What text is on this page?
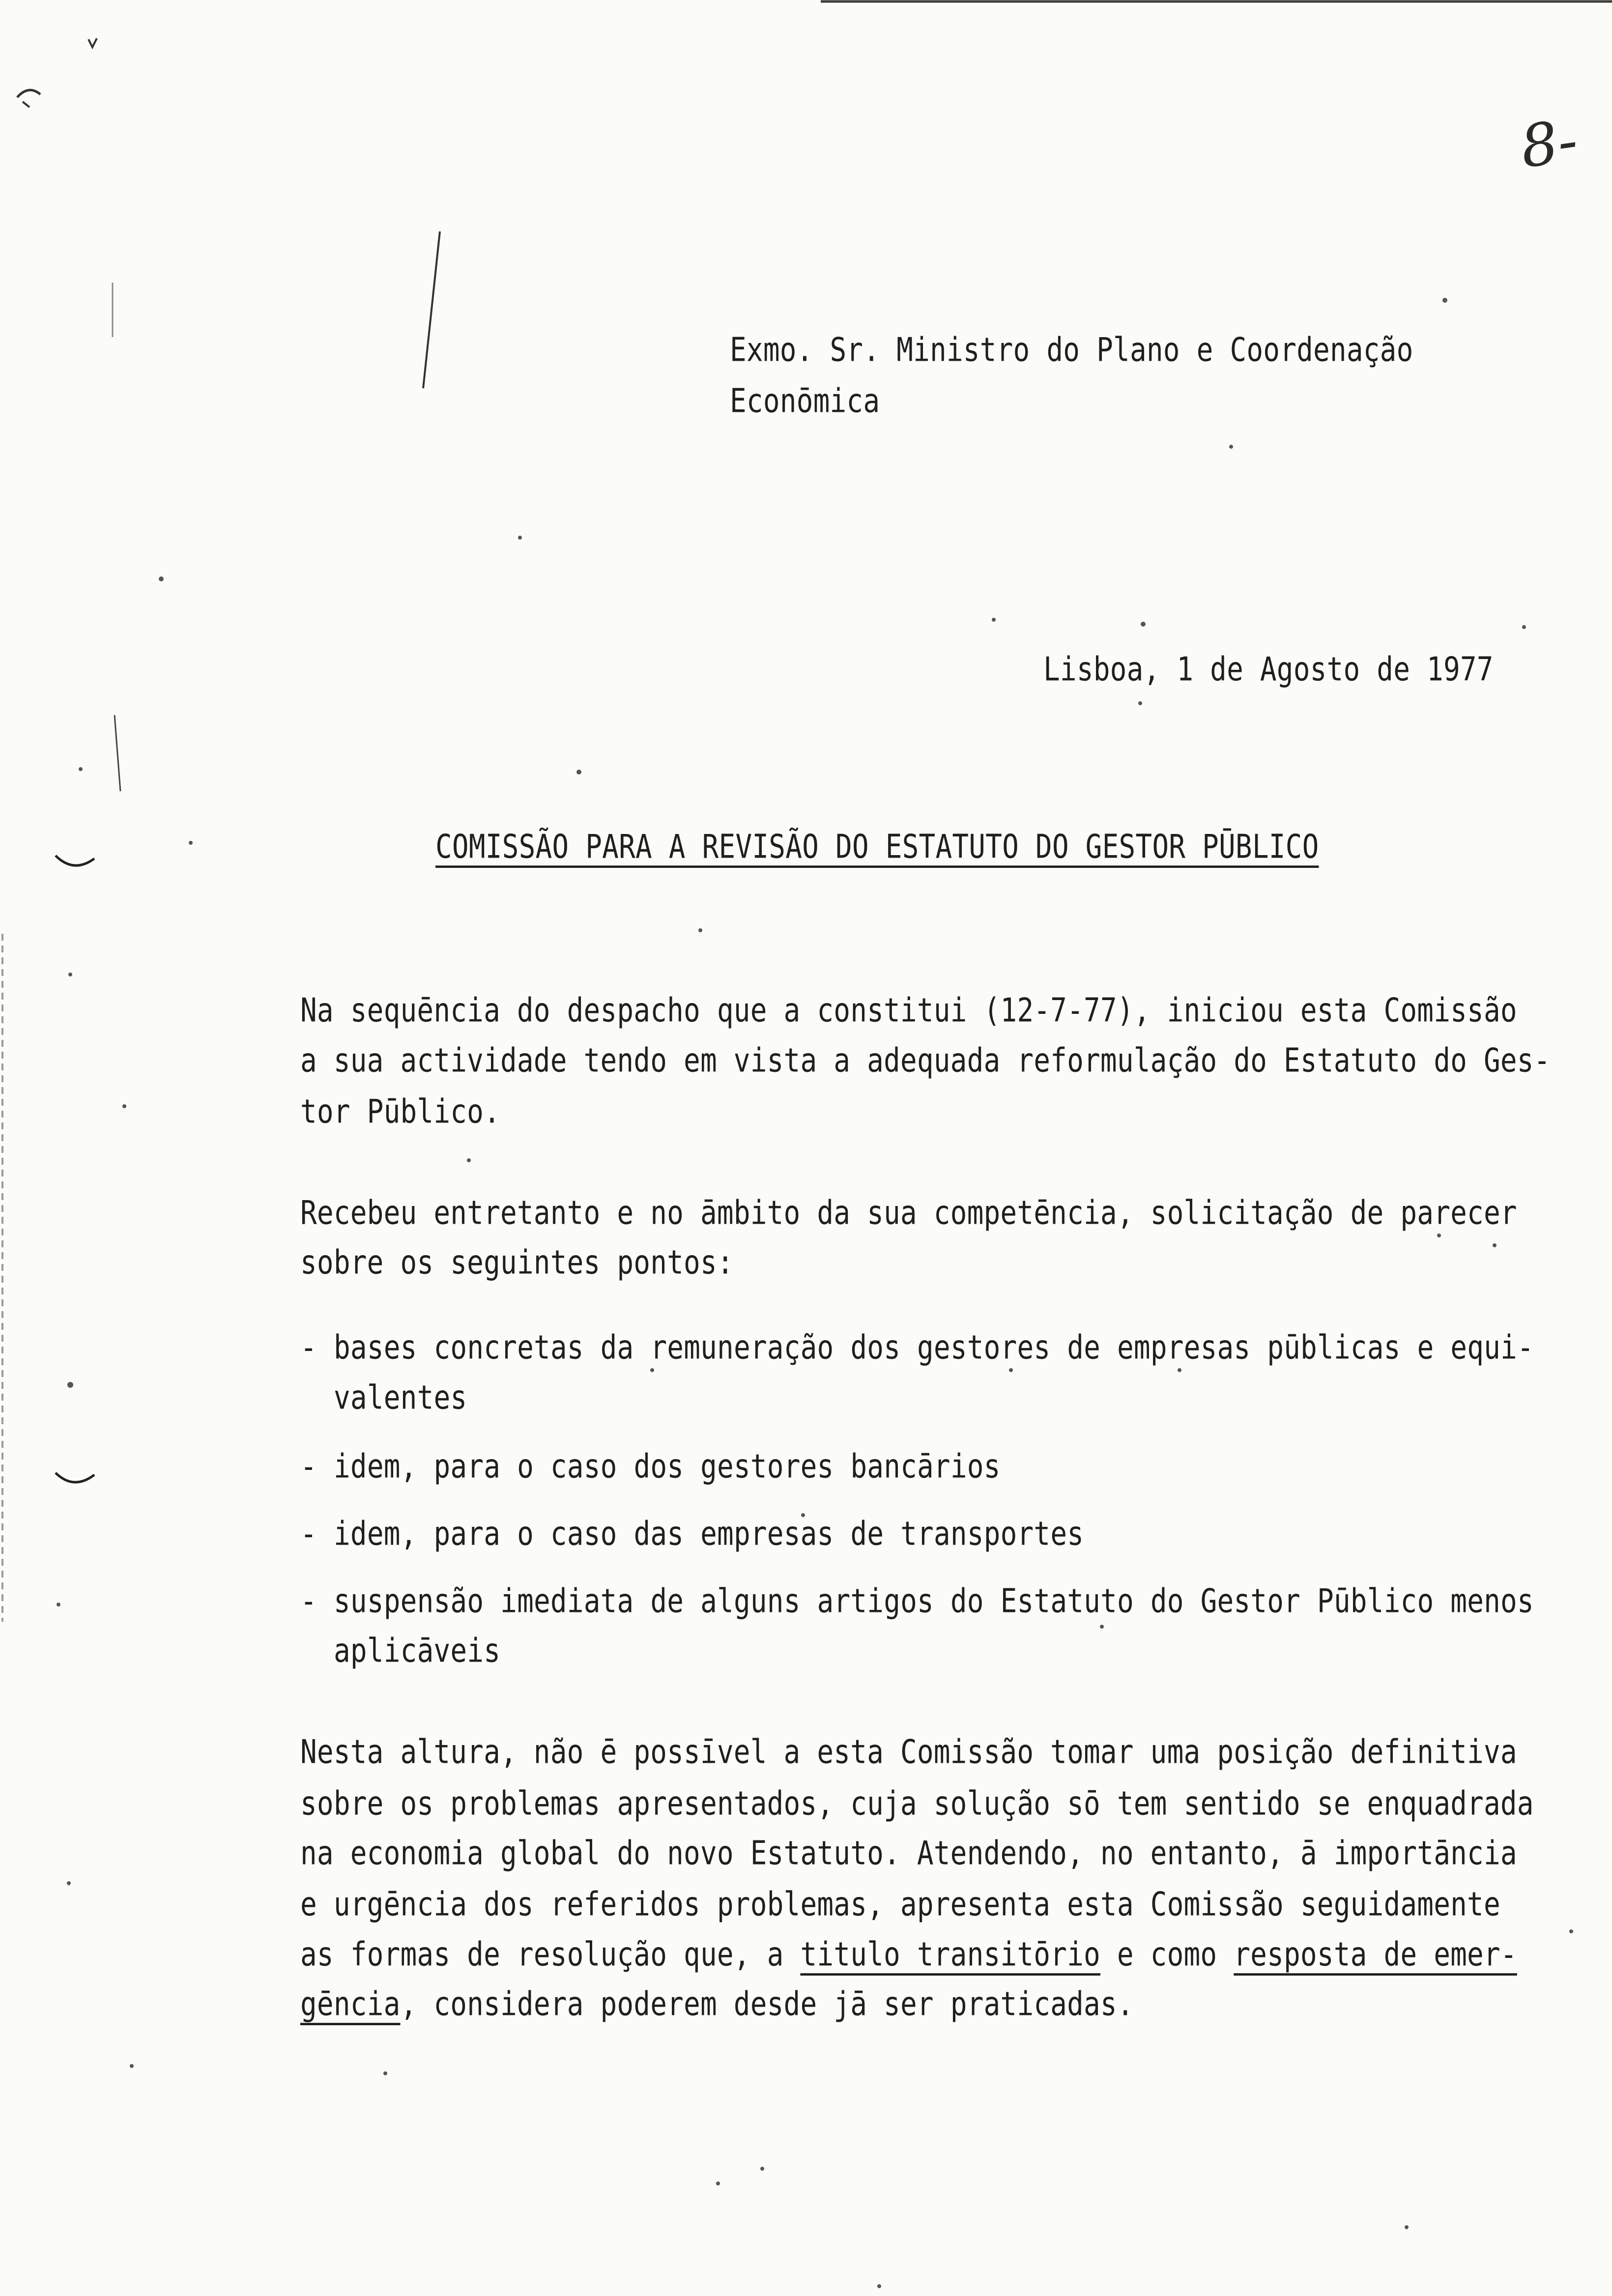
8-
Exmo. Sr. Ministro do Plano e Coordenação
Econōmica
Lisboa, 1 de Agosto de 1977
COMISSÃO PARA A REVISÃO DO ESTATUTO DO GESTOR PŪBLICO
Na sequēncia do despacho que a constitui (12-7-77), iniciou esta Comissão
a sua actividade tendo em vista a adequada reformulação do Estatuto do Ges-
tor Pūblico.
Recebeu entretanto e no āmbito da sua competēncia, solicitação de parecer
sobre os seguintes pontos:
- bases concretas da remuneração dos gestores de empresas pūblicas e equi-
valentes
- idem, para o caso dos gestores bancārios
- idem, para o caso das empresas de transportes
- suspensão imediata de alguns artigos do Estatuto do Gestor Pūblico menos
aplicāveis
Nesta altura, não ē possīvel a esta Comissão tomar uma posição definitiva
sobre os problemas apresentados, cuja solução sō tem sentido se enquadrada
na economia global do novo Estatuto. Atendendo, no entanto, ā importāncia
e urgēncia dos referidos problemas, apresenta esta Comissão seguidamente
as formas de resolução que, a titulo transitōrio e como resposta de emer-
gēncia, considera poderem desde jā ser praticadas.
